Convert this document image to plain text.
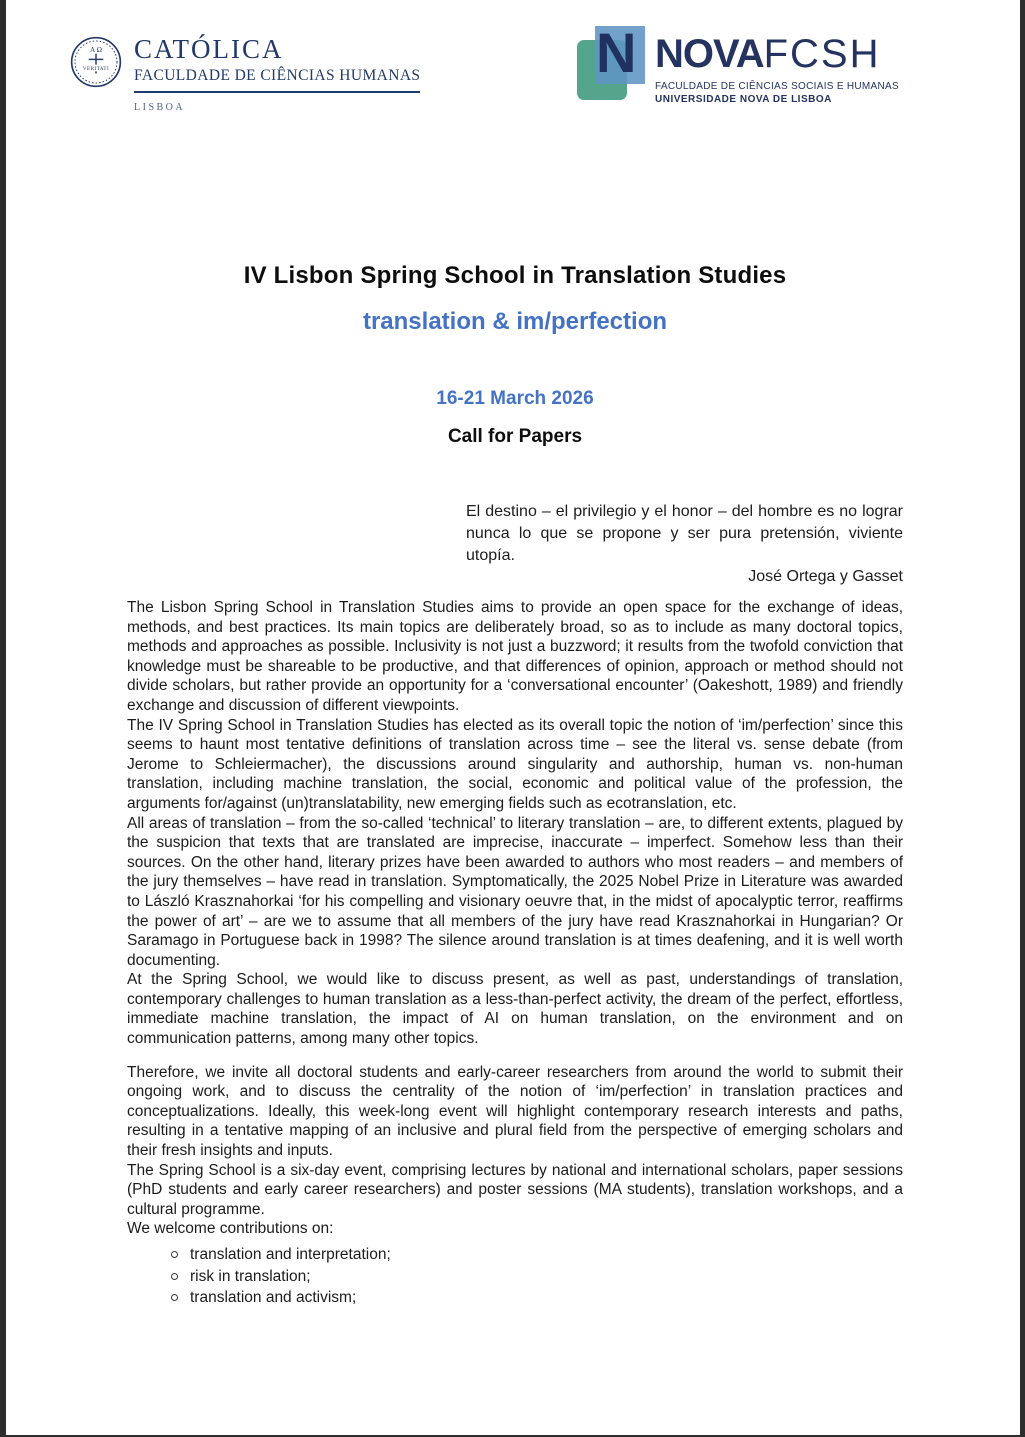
A Ω
VERITATI
CATÓLICA
FACULDADE DE CIÊNCIAS HUMANAS
LISBOA
N NOVAFCSH
FACULDADE DE CIÊNCIAS SOCIAIS E HUMANAS
UNIVERSIDADE NOVA DE LISBOA
IV Lisbon Spring School in Translation Studies
translation & im/perfection
16-21 March 2026
Call for Papers
El destino – el privilegio y el honor – del hombre es no lograr nunca lo que se propone y ser pura pretensión, viviente utopía.
José Ortega y Gasset

The Lisbon Spring School in Translation Studies aims to provide an open space for the exchange of ideas, methods, and best practices. Its main topics are deliberately broad, so as to include as many doctoral topics, methods and approaches as possible. Inclusivity is not just a buzzword; it results from the twofold conviction that knowledge must be shareable to be productive, and that differences of opinion, approach or method should not divide scholars, but rather provide an opportunity for a ‘conversational encounter’ (Oakeshott, 1989) and friendly exchange and discussion of different viewpoints.

The IV Spring School in Translation Studies has elected as its overall topic the notion of ‘im/perfection’ since this seems to haunt most tentative definitions of translation across time – see the literal vs. sense debate (from Jerome to Schleiermacher), the discussions around singularity and authorship, human vs. non-human translation, including machine translation, the social, economic and political value of the profession, the arguments for/against (un)translatability, new emerging fields such as ecotranslation, etc.

All areas of translation – from the so-called ‘technical’ to literary translation – are, to different extents, plagued by the suspicion that texts that are translated are imprecise, inaccurate – imperfect. Somehow less than their sources. On the other hand, literary prizes have been awarded to authors who most readers – and members of the jury themselves – have read in translation. Symptomatically, the 2025 Nobel Prize in Literature was awarded to László Krasznahorkai ‘for his compelling and visionary oeuvre that, in the midst of apocalyptic terror, reaffirms the power of art’ – are we to assume that all members of the jury have read Krasznahorkai in Hungarian? Or Saramago in Portuguese back in 1998? The silence around translation is at times deafening, and it is well worth documenting.

At the Spring School, we would like to discuss present, as well as past, understandings of translation, contemporary challenges to human translation as a less-than-perfect activity, the dream of the perfect, effortless, immediate machine translation, the impact of AI on human translation, on the environment and on communication patterns, among many other topics.

Therefore, we invite all doctoral students and early-career researchers from around the world to submit their ongoing work, and to discuss the centrality of the notion of ‘im/perfection’ in translation practices and conceptualizations. Ideally, this week-long event will highlight contemporary research interests and paths, resulting in a tentative mapping of an inclusive and plural field from the perspective of emerging scholars and their fresh insights and inputs.

The Spring School is a six-day event, comprising lectures by national and international scholars, paper sessions (PhD students and early career researchers) and poster sessions (MA students), translation workshops, and a cultural programme.

We welcome contributions on:

translation and interpretation;
risk in translation;
translation and activism;
